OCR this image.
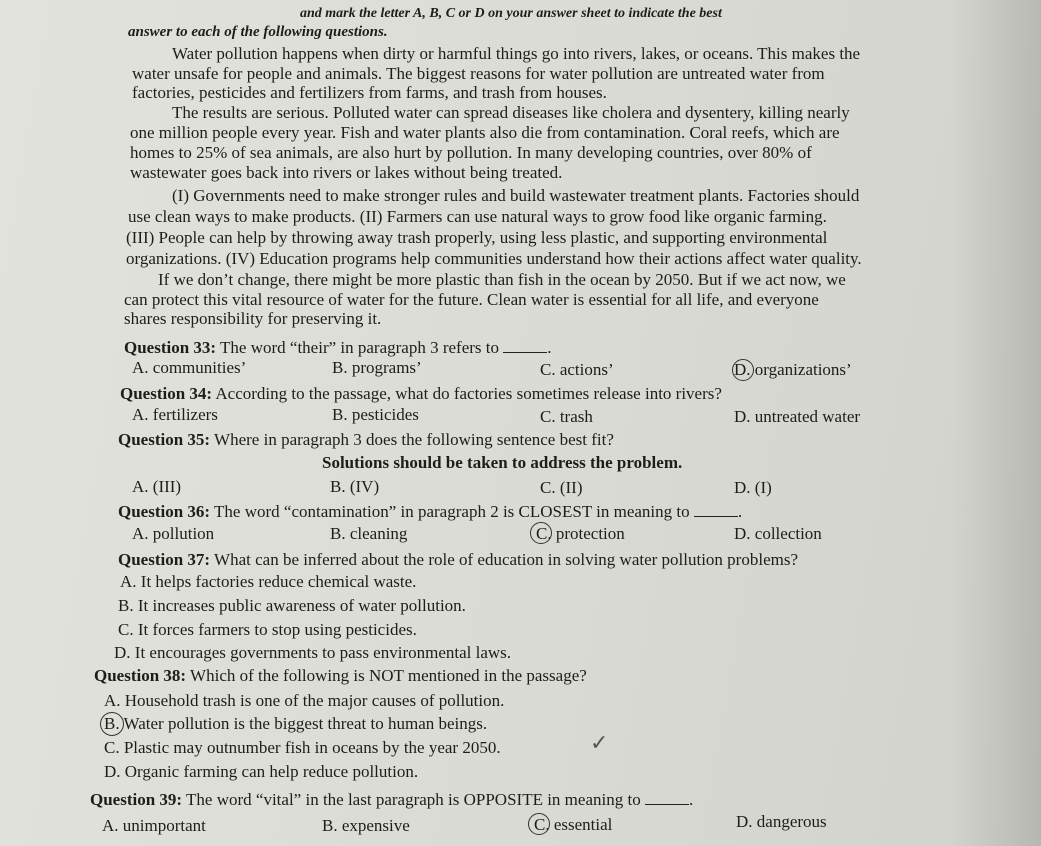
and mark the letter A, B, C or D on your answer sheet to indicate the best
answer to each of the following questions.
Water pollution happens when dirty or harmful things go into rivers, lakes, or oceans. This makes the
water unsafe for people and animals. The biggest reasons for water pollution are untreated water from
factories, pesticides and fertilizers from farms, and trash from houses.
The results are serious. Polluted water can spread diseases like cholera and dysentery, killing nearly
one million people every year. Fish and water plants also die from contamination. Coral reefs, which are
homes to 25% of sea animals, are also hurt by pollution. In many developing countries, over 80% of
wastewater goes back into rivers or lakes without being treated.
(I) Governments need to make stronger rules and build wastewater treatment plants. Factories should
use clean ways to make products. (II) Farmers can use natural ways to grow food like organic farming.
(III) People can help by throwing away trash properly, using less plastic, and supporting environmental
organizations. (IV) Education programs help communities understand how their actions affect water quality.
If we don’t change, there might be more plastic than fish in the ocean by 2050. But if we act now, we
can protect this vital resource of water for the future. Clean water is essential for all life, and everyone
shares responsibility for preserving it.
Question 33: The word “their” in paragraph 3 refers to	.
A. communities’	B. programs’	C. actions’	D. organizations’
Question 34: According to the passage, what do factories sometimes release into rivers?
A. fertilizers	B. pesticides	C. trash	D. untreated water
Question 35: Where in paragraph 3 does the following sentence best fit?
Solutions should be taken to address the problem.
A. (III)	B. (IV)	C. (II)	D. (I)
Question 36: The word “contamination” in paragraph 2 is CLOSEST in meaning to	.
A. pollution	B. cleaning	C. protection	D. collection
Question 37: What can be inferred about the role of education in solving water pollution problems?
A. It helps factories reduce chemical waste.
B. It increases public awareness of water pollution.
C. It forces farmers to stop using pesticides.
D. It encourages governments to pass environmental laws.
Question 38: Which of the following is NOT mentioned in the passage?
A. Household trash is one of the major causes of pollution.
B. Water pollution is the biggest threat to human beings.
C. Plastic may outnumber fish in oceans by the year 2050.	✓
D. Organic farming can help reduce pollution.
Question 39: The word “vital” in the last paragraph is OPPOSITE in meaning to	.
A. unimportant	B. expensive	C. essential	D. dangerous
